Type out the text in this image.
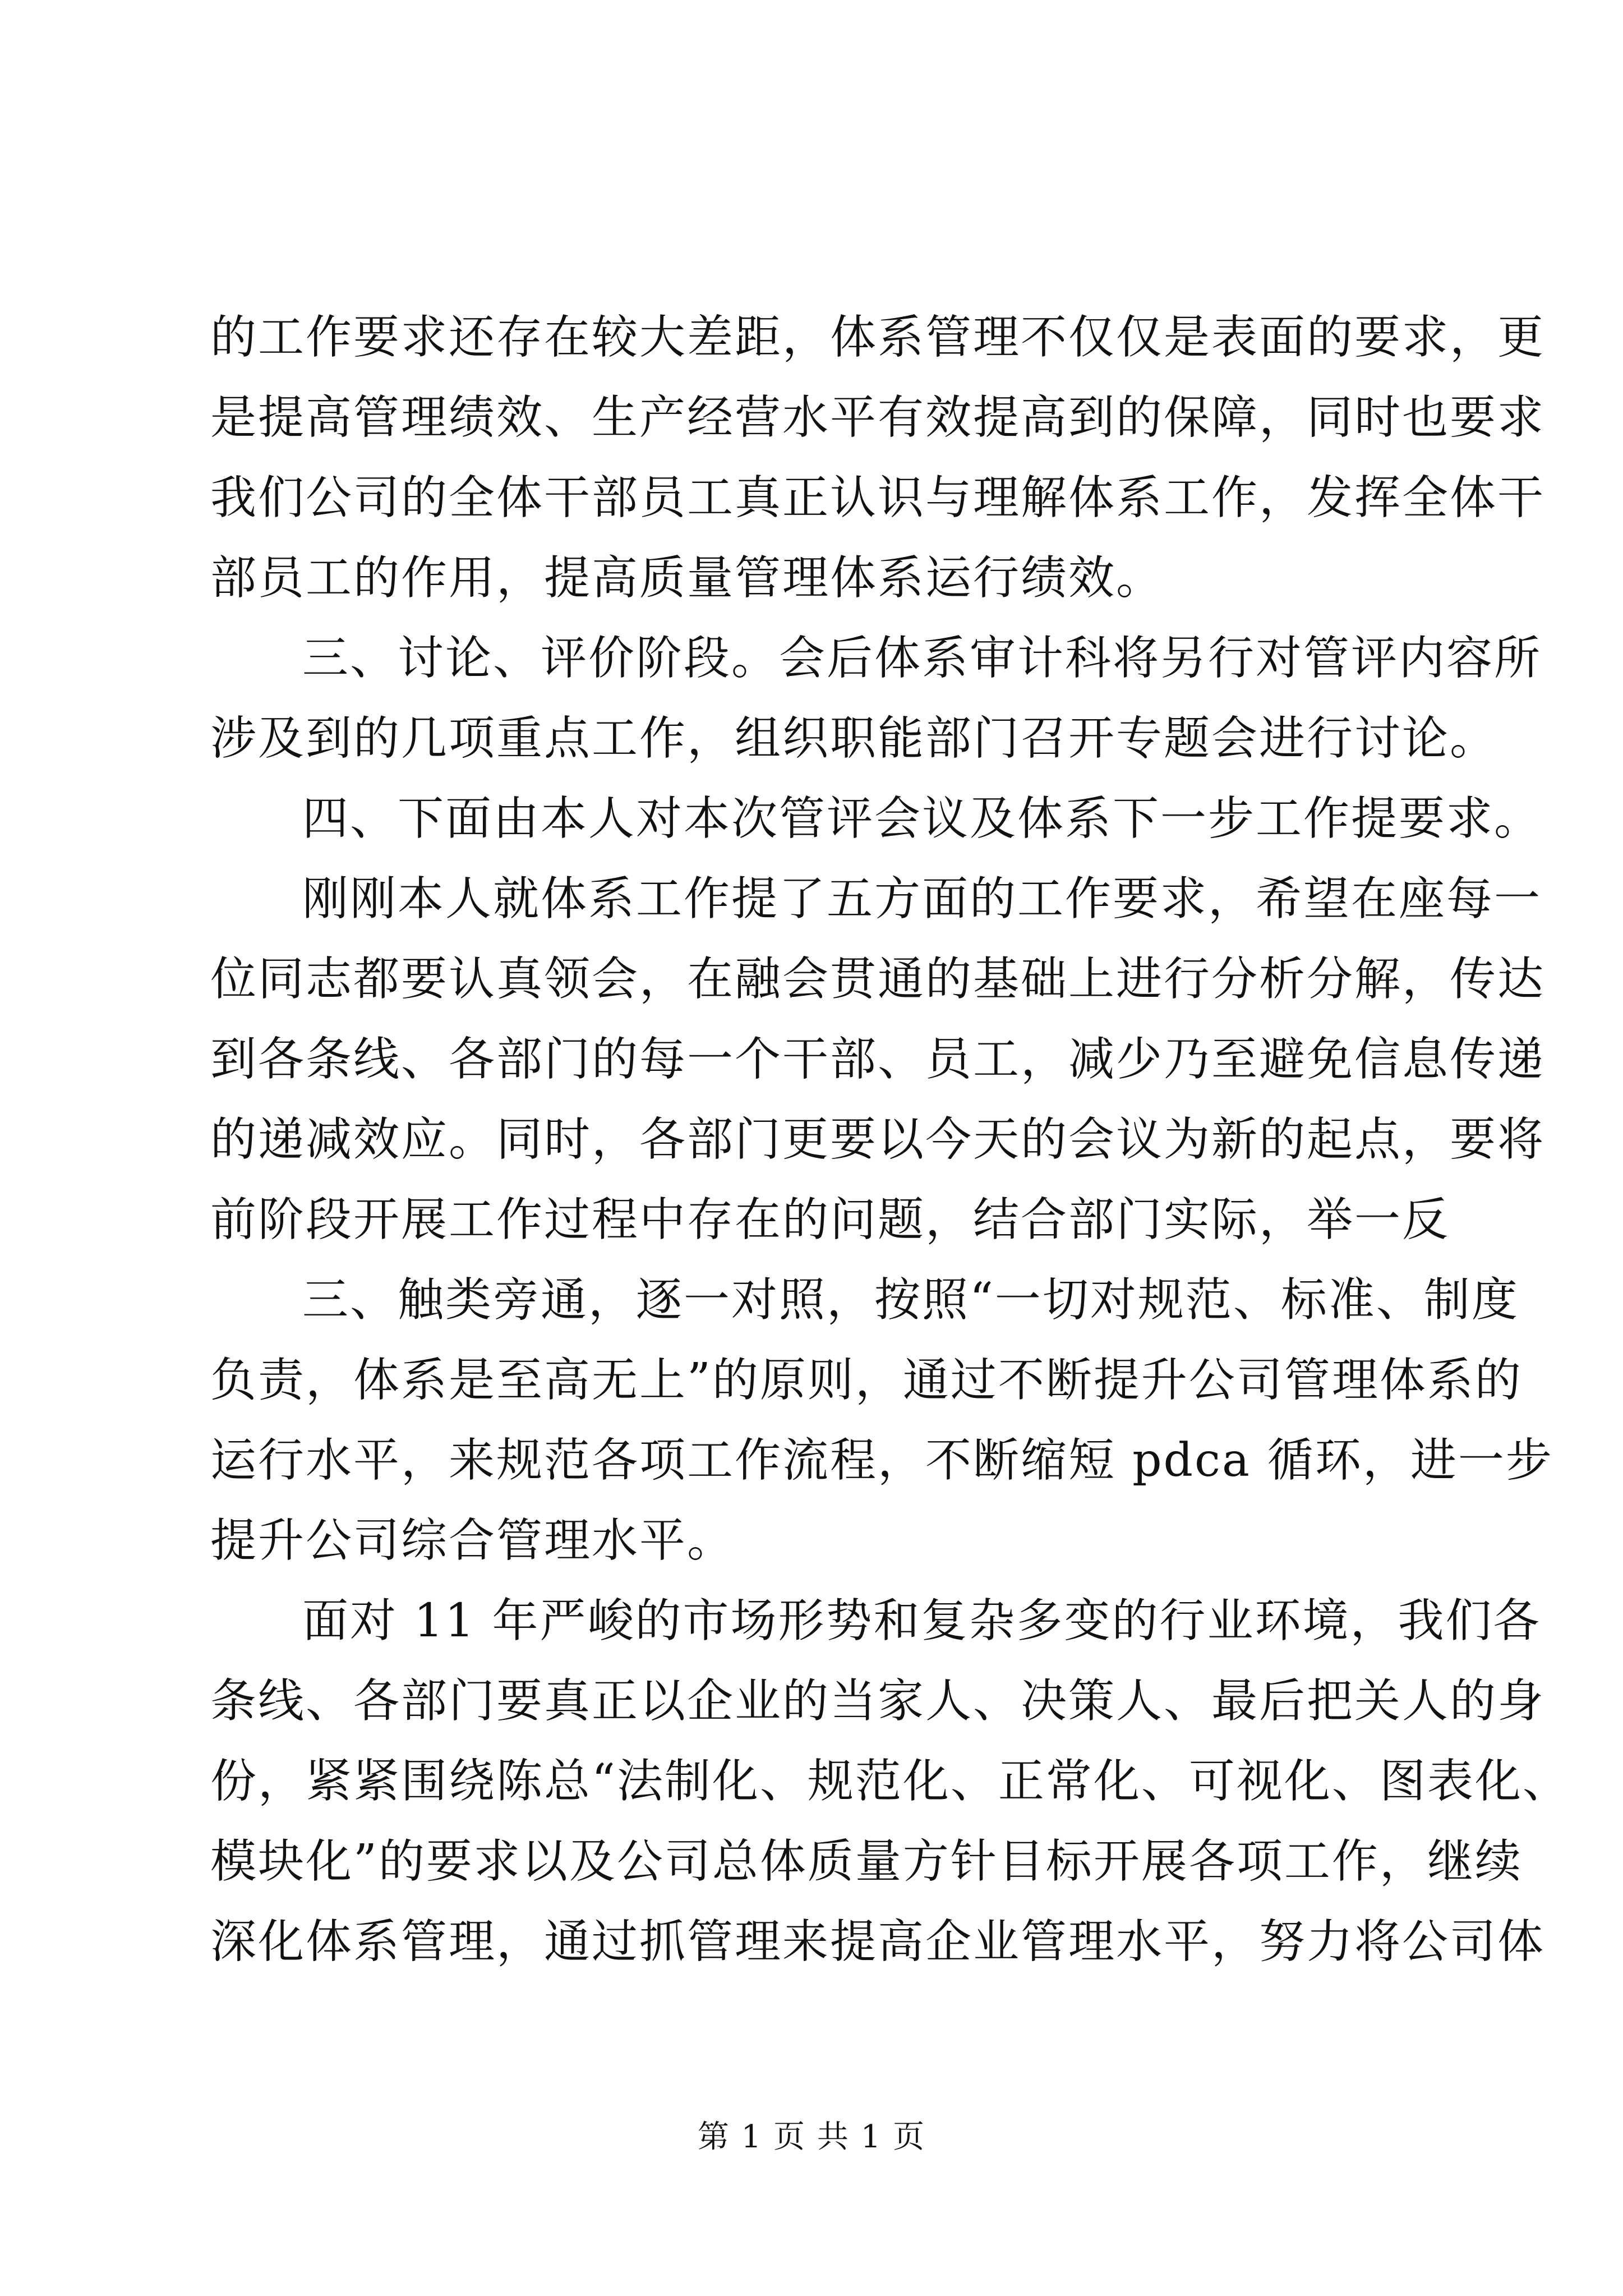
的工作要求还存在较大差距，体系管理不仅仅是表面的要求，更
是提高管理绩效、生产经营水平有效提高到的保障，同时也要求
我们公司的全体干部员工真正认识与理解体系工作，发挥全体干
部员工的作用，提高质量管理体系运行绩效。
三、讨论、评价阶段。会后体系审计科将另行对管评内容所
涉及到的几项重点工作，组织职能部门召开专题会进行讨论。
四、下面由本人对本次管评会议及体系下一步工作提要求。
刚刚本人就体系工作提了五方面的工作要求，希望在座每一
位同志都要认真领会，在融会贯通的基础上进行分析分解，传达
到各条线、各部门的每一个干部、员工，减少乃至避免信息传递
的递减效应。同时，各部门更要以今天的会议为新的起点，要将
前阶段开展工作过程中存在的问题，结合部门实际，举一反
三、触类旁通，逐一对照，按照“一切对规范、标准、制度
负责，体系是至高无上”的原则，通过不断提升公司管理体系的
运行水平，来规范各项工作流程，不断缩短 pdca 循环，进一步
提升公司综合管理水平。
面对 11 年严峻的市场形势和复杂多变的行业环境，我们各
条线、各部门要真正以企业的当家人、决策人、最后把关人的身
份，紧紧围绕陈总“法制化、规范化、正常化、可视化、图表化、
模块化”的要求以及公司总体质量方针目标开展各项工作，继续
深化体系管理，通过抓管理来提高企业管理水平，努力将公司体
第 1 页 共 1 页
